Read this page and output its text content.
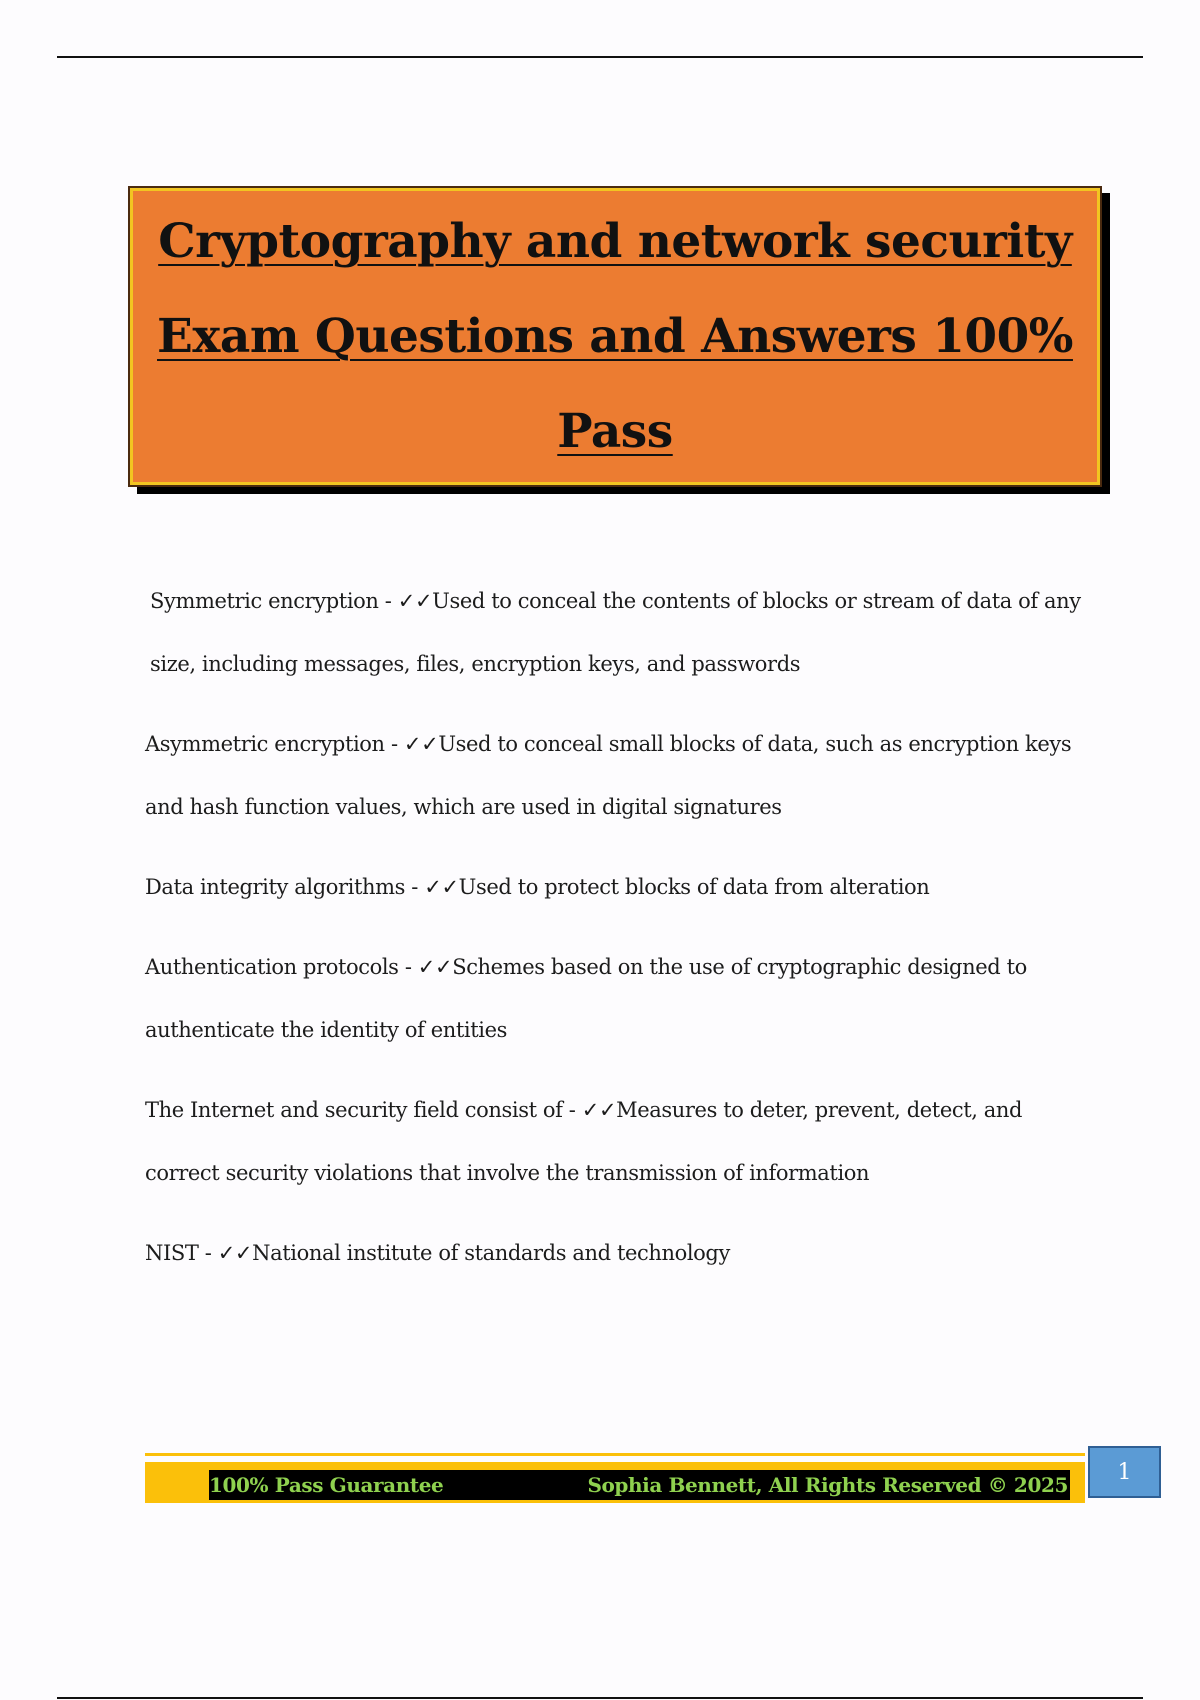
Cryptography and network security
Exam Questions and Answers 100%
Pass

Symmetric encryption - ✓✓Used to conceal the contents of blocks or stream of data of any size, including messages, files, encryption keys, and passwords

Asymmetric encryption - ✓✓Used to conceal small blocks of data, such as encryption keys and hash function values, which are used in digital signatures

Data integrity algorithms - ✓✓Used to protect blocks of data from alteration

Authentication protocols - ✓✓Schemes based on the use of cryptographic designed to authenticate the identity of entities

The Internet and security field consist of - ✓✓Measures to deter, prevent, detect, and correct security violations that involve the transmission of information

NIST - ✓✓National institute of standards and technology

100% Pass Guarantee	Sophia Bennett, All Rights Reserved © 2025
1
